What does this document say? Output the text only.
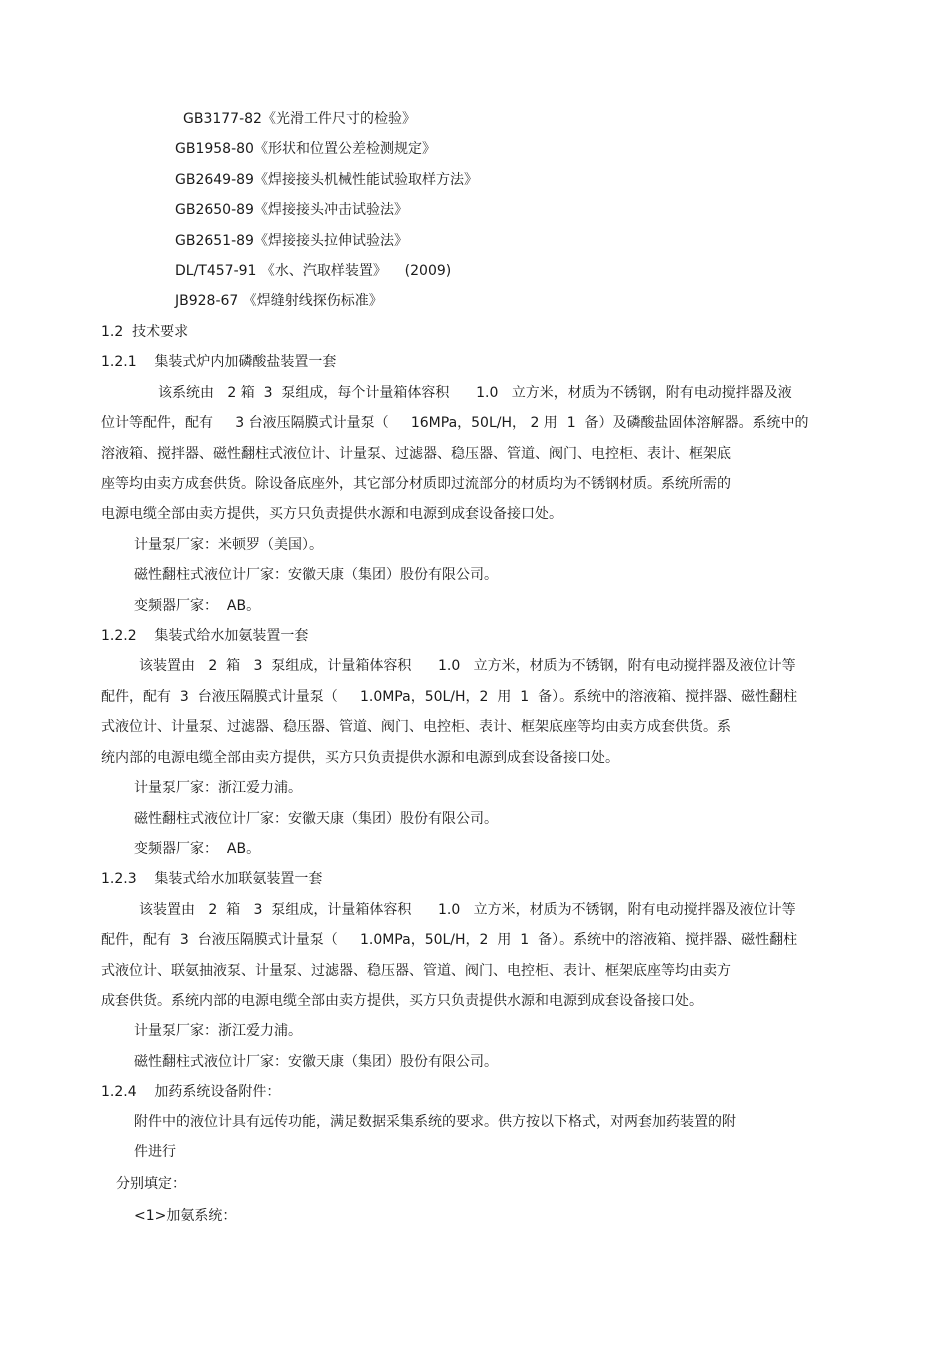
GB3177-82《光滑工件尺寸的检验》
GB1958-80《形状和位置公差检测规定》
GB2649-89《焊接接头机械性能试验取样方法》
GB2650-89《焊接接头冲击试验法》
GB2651-89《焊接接头拉伸试验法》
DL/T457-91 《水、汽取样装置》    (2009)
JB928-67 《焊缝射线探伤标准》
1.2  技术要求
1.2.1    集装式炉内加磷酸盐装置一套
该系统由   2 箱  3  泵组成，每个计量箱体容积      1.0   立方米，材质为不锈钢，附有电动搅拌器及液
位计等配件，配有     3 台液压隔膜式计量泵（     16MPa，50L/H， 2 用  1  备）及磷酸盐固体溶解器。系统中的
溶液箱、搅拌器、磁性翻柱式液位计、计量泵、过滤器、稳压器、管道、阀门、电控柜、表计、框架底
座等均由卖方成套供货。除设备底座外，其它部分材质即过流部分的材质均为不锈钢材质。系统所需的
电源电缆全部由卖方提供，买方只负责提供水源和电源到成套设备接口处。
计量泵厂家：米顿罗（美国）。
磁性翻柱式液位计厂家：安徽天康（集团）股份有限公司。
变频器厂家：  AB。
1.2.2    集装式给水加氨装置一套
该装置由   2  箱   3  泵组成，计量箱体容积      1.0   立方米，材质为不锈钢，附有电动搅拌器及液位计等
配件，配有  3  台液压隔膜式计量泵（     1.0MPa，50L/H，2  用  1  备）。系统中的溶液箱、搅拌器、磁性翻柱
式液位计、计量泵、过滤器、稳压器、管道、阀门、电控柜、表计、框架底座等均由卖方成套供货。系
统内部的电源电缆全部由卖方提供，买方只负责提供水源和电源到成套设备接口处。
计量泵厂家：浙江爱力浦。
磁性翻柱式液位计厂家：安徽天康（集团）股份有限公司。
变频器厂家：  AB。
1.2.3    集装式给水加联氨装置一套
该装置由   2  箱   3  泵组成，计量箱体容积      1.0   立方米，材质为不锈钢，附有电动搅拌器及液位计等
配件，配有  3  台液压隔膜式计量泵（     1.0MPa，50L/H，2  用  1  备）。系统中的溶液箱、搅拌器、磁性翻柱
式液位计、联氨抽液泵、计量泵、过滤器、稳压器、管道、阀门、电控柜、表计、框架底座等均由卖方
成套供货。系统内部的电源电缆全部由卖方提供，买方只负责提供水源和电源到成套设备接口处。
计量泵厂家：浙江爱力浦。
磁性翻柱式液位计厂家：安徽天康（集团）股份有限公司。
1.2.4    加药系统设备附件：
附件中的液位计具有远传功能，满足数据采集系统的要求。供方按以下格式，对两套加药装置的附
件进行
分别填定：
<1>加氨系统：
